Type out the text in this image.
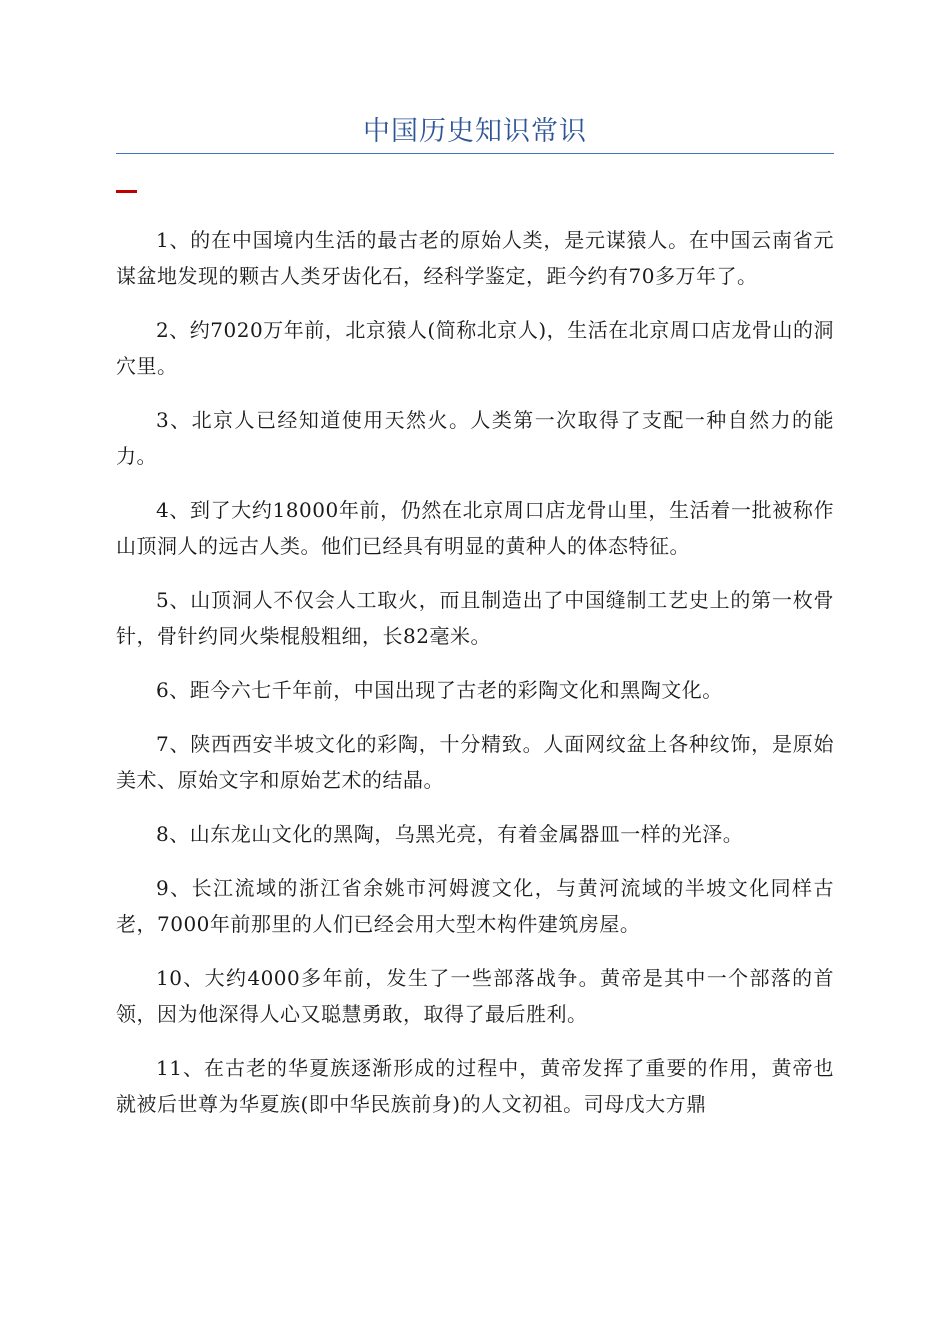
中国历史知识常识

1、的在中国境内生活的最古老的原始人类，是元谋猿人。在中国云南省元谋盆地发现的颗古人类牙齿化石，经科学鉴定，距今约有70多万年了。

2、约7020万年前，北京猿人(简称北京人)，生活在北京周口店龙骨山的洞穴里。

3、北京人已经知道使用天然火。人类第一次取得了支配一种自然力的能力。

4、到了大约18000年前，仍然在北京周口店龙骨山里，生活着一批被称作山顶洞人的远古人类。他们已经具有明显的黄种人的体态特征。

5、山顶洞人不仅会人工取火，而且制造出了中国缝制工艺史上的第一枚骨针，骨针约同火柴棍般粗细，长82毫米。

6、距今六七千年前，中国出现了古老的彩陶文化和黑陶文化。

7、陕西西安半坡文化的彩陶，十分精致。人面网纹盆上各种纹饰，是原始美术、原始文字和原始艺术的结晶。

8、山东龙山文化的黑陶，乌黑光亮，有着金属器皿一样的光泽。

9、长江流域的浙江省余姚市河姆渡文化，与黄河流域的半坡文化同样古老，7000年前那里的人们已经会用大型木构件建筑房屋。

10、大约4000多年前，发生了一些部落战争。黄帝是其中一个部落的首领，因为他深得人心又聪慧勇敢，取得了最后胜利。

11、在古老的华夏族逐渐形成的过程中，黄帝发挥了重要的作用，黄帝也就被后世尊为华夏族(即中华民族前身)的人文初祖。司母戊大方鼎
